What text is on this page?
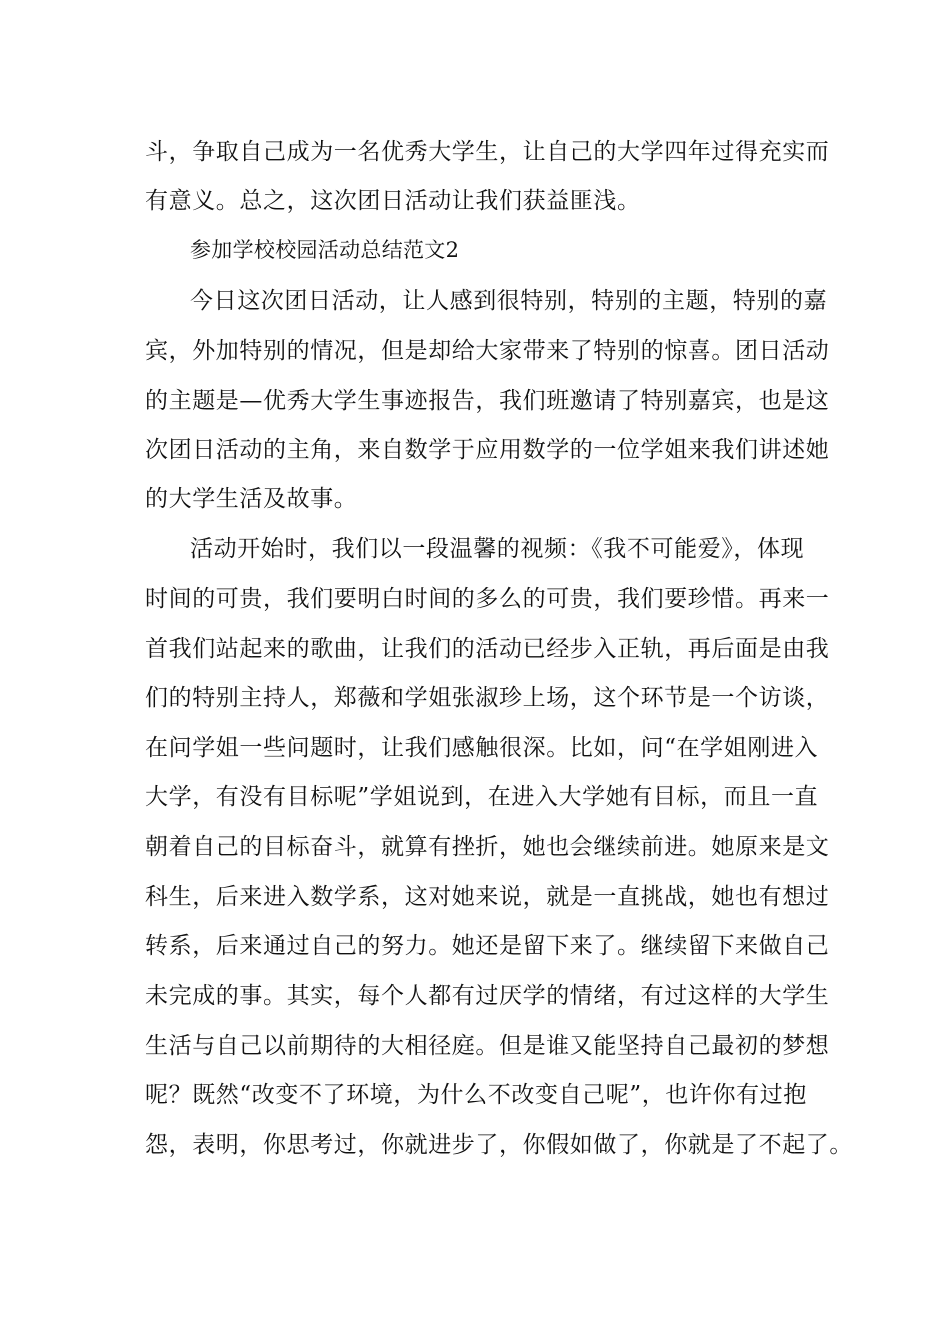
斗，争取自己成为一名优秀大学生，让自己的大学四年过得充实而
有意义。总之，这次团日活动让我们获益匪浅。
参加学校校园活动总结范文2
今日这次团日活动，让人感到很特别，特别的主题，特别的嘉
宾，外加特别的情况，但是却给大家带来了特别的惊喜。团日活动
的主题是—优秀大学生事迹报告，我们班邀请了特别嘉宾，也是这
次团日活动的主角，来自数学于应用数学的一位学姐来我们讲述她
的大学生活及故事。
活动开始时，我们以一段温馨的视频：《我不可能爱》，体现
时间的可贵，我们要明白时间的多么的可贵，我们要珍惜。再来一
首我们站起来的歌曲，让我们的活动已经步入正轨，再后面是由我
们的特别主持人，郑薇和学姐张淑珍上场，这个环节是一个访谈，
在问学姐一些问题时，让我们感触很深。比如，问“在学姐刚进入
大学，有没有目标呢”学姐说到，在进入大学她有目标，而且一直
朝着自己的目标奋斗，就算有挫折，她也会继续前进。她原来是文
科生，后来进入数学系，这对她来说，就是一直挑战，她也有想过
转系，后来通过自己的努力。她还是留下来了。继续留下来做自己
未完成的事。其实，每个人都有过厌学的情绪，有过这样的大学生
生活与自己以前期待的大相径庭。但是谁又能坚持自己最初的梦想
呢？既然“改变不了环境，为什么不改变自己呢”，也许你有过抱
怨，表明，你思考过，你就进步了，你假如做了，你就是了不起了。
